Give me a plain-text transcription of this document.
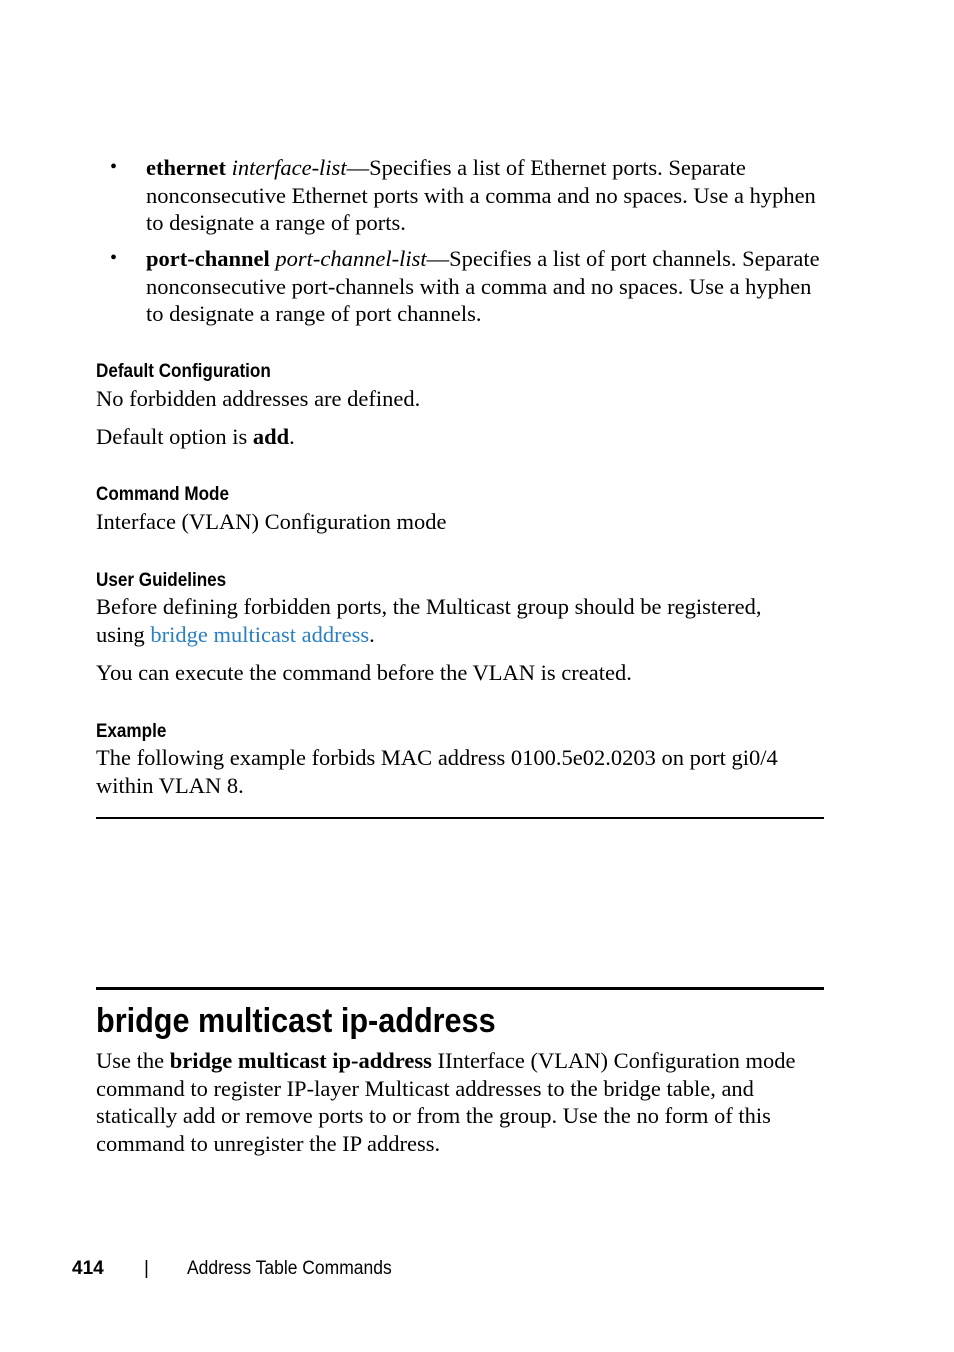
• ethernet interface-list—Specifies a list of Ethernet ports. Separate
nonconsecutive Ethernet ports with a comma and no spaces. Use a hyphen
to designate a range of ports.

• port-channel port-channel-list—Specifies a list of port channels. Separate
nonconsecutive port-channels with a comma and no spaces. Use a hyphen
to designate a range of port channels.

Default Configuration

No forbidden addresses are defined.

Default option is add.

Command Mode

Interface (VLAN) Configuration mode

User Guidelines

Before defining forbidden ports, the Multicast group should be registered,
using bridge multicast address.

You can execute the command before the VLAN is created.

Example

The following example forbids MAC address 0100.5e02.0203 on port gi0/4
within VLAN 8.

bridge multicast ip-address

Use the bridge multicast ip-address IInterface (VLAN) Configuration mode
command to register IP-layer Multicast addresses to the bridge table, and
statically add or remove ports to or from the group. Use the no form of this
command to unregister the IP address.

414 | Address Table Commands
